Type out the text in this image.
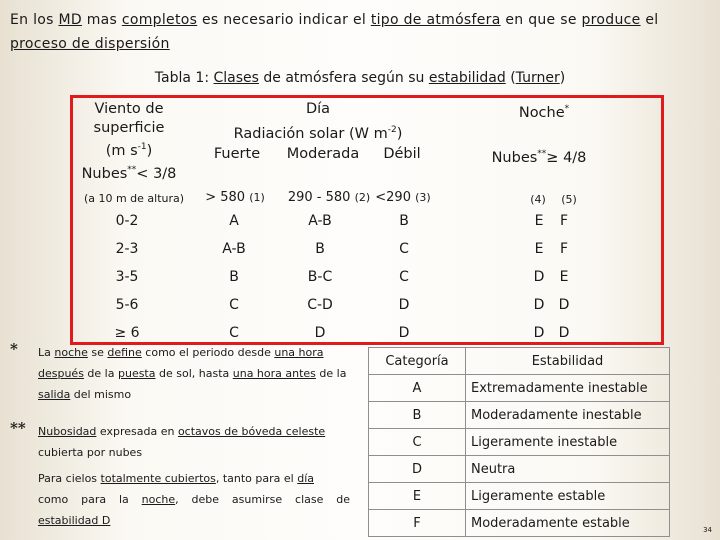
En los MD mas completos es necesario indicar el tipo de atmósfera en que se produce el
proceso de dispersión
Tabla 1: Clases de atmósfera según su estabilidad (Turner)
Viento de
superficie
(m $s^{-1}$)
Nubes**< 3/8
Día
Radiación solar (W $m^{-2}$)
Fuerte Moderada Débil
Noche*
Nubes**≥ 4/8
(a 10 m de altura) > 580 (1) 290 - 580 (2) <290 (3)	(4) (5)
0-2	A	A-B	B	E F
2-3	A-B	B	C	E F
3-5	B	B-C	C	D E
5-6	C	C-D	D	D D
≥ 6	C	D	D	D D
* La noche se define como el periodo desde una hora
después de la puesta de sol, hasta una hora antes de la
salida del mismo
** Nubosidad expresada en octavos de bóveda celeste
cubierta por nubes
Para cielos totalmente cubiertos, tanto para el día
como para la noche, debe asumirse clase de
estabilidad D
Categoría	Estabilidad
A	Extremadamente inestable
B	Moderadamente inestable
C	Ligeramente inestable
D	Neutra
E	Ligeramente estable
F	Moderadamente estable	34
